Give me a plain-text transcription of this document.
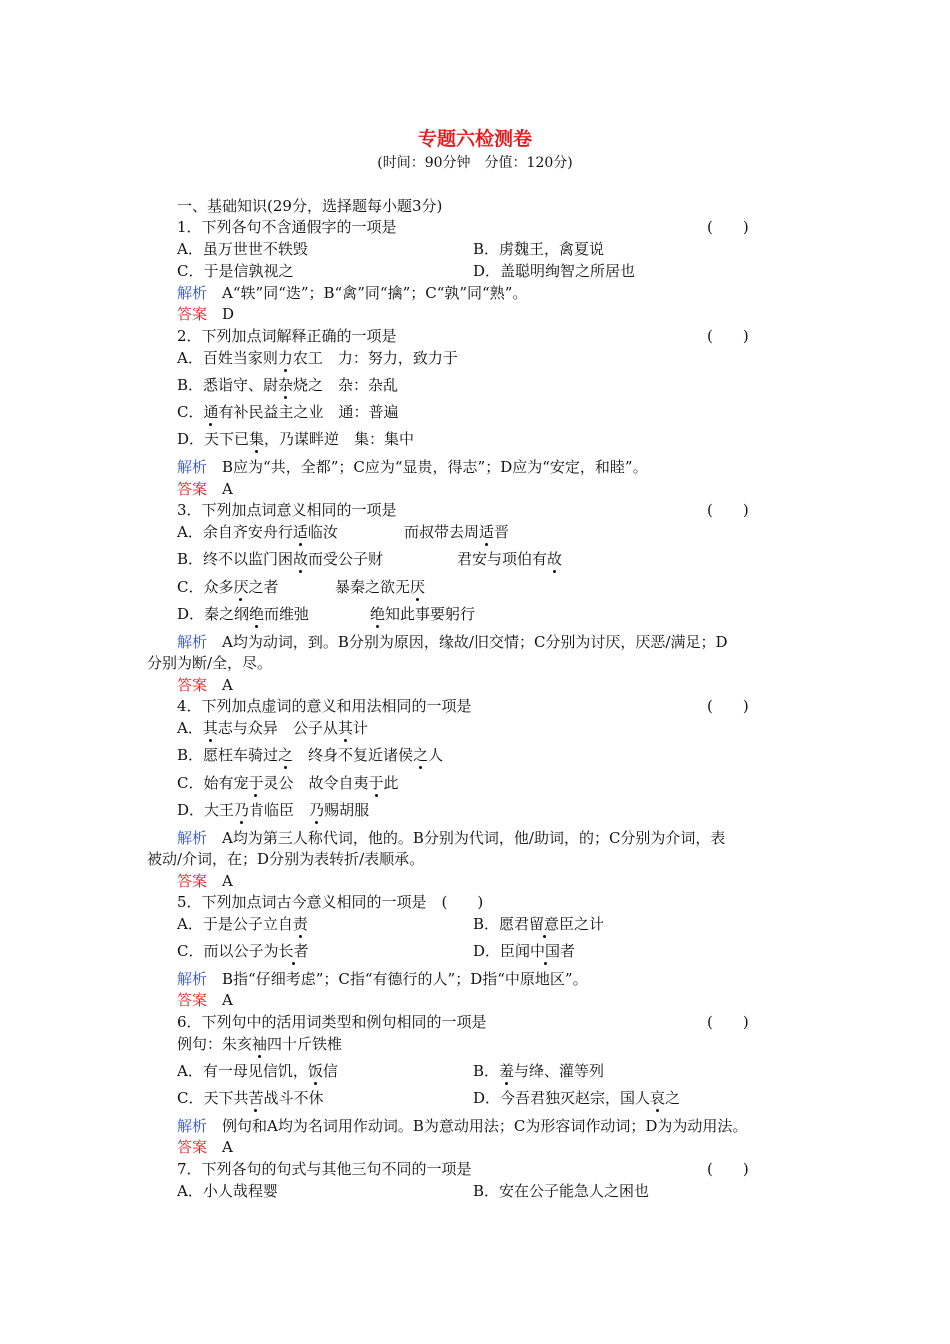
专题六检测卷
(时间：90分钟　分值：120分)
一、基础知识(29分，选择题每小题3分)
1．下列各句不含通假字的一项是	(　　)
A．虽万世世不轶毁	B．虏魏王，禽夏说
C．于是信孰视之	D．盖聪明绚智之所居也
解析　 A“轶”同“迭”；B“禽”同“擒”；C“孰”同“熟”。
答案　 D
2．下列加点词解释正确的一项是	(　　)
A．百姓当家则力农工　力：努力，致力于
B．悉诣守、尉杂烧之　杂：杂乱
C．通有补民益主之业　通：普遍
D．天下已集，乃谋畔逆　集：集中
解析　 B应为“共，全都”；C应为“显贵，得志”；D应为“安定，和睦”。
答案　 A
3．下列加点词意义相同的一项是	(　　)
A．余自齐安舟行适临汝	而叔带去周适晋
B．终不以监门困故而受公子财	君安与项伯有故
C．众多厌之者	暴秦之欲无厌
D．秦之纲绝而维弛	绝知此事要躬行
解析　 A均为动词，到。B分别为原因，缘故/旧交情；C分别为讨厌，厌恶/满足；D
分别为断/全，尽。
答案　 A
4．下列加点虚词的意义和用法相同的一项是	(　　)
A．其志与众异　公子从其计
B．愿枉车骑过之　终身不复近诸侯之人
C．始有宠于灵公　故令自夷于此
D．大王乃肯临臣　乃赐胡服
解析　 A均为第三人称代词，他的。B分别为代词，他/助词，的；C分别为介词，表
被动/介词，在；D分别为表转折/表顺承。
答案　 A
5．下列加点词古今意义相同的一项是　(　　)
A．于是公子立自责	B．愿君留意臣之计
C．而以公子为长者	D．臣闻中国者
解析　 B指“仔细考虑”；C指“有德行的人”；D指“中原地区”。
答案　 A
6．下列句中的活用词类型和例句相同的一项是	(　　)
例句：朱亥袖四十斤铁椎
A．有一母见信饥，饭信	B．羞与绛、灌等列
C．天下共苦战斗不休	D．今吾君独灭赵宗，国人哀之
解析　 例句和A均为名词用作动词。B为意动用法；C为形容词作动词；D为为动用法。
答案　 A
7．下列各句的句式与其他三句不同的一项是	(　　)
A．小人哉程婴	B．安在公子能急人之困也
